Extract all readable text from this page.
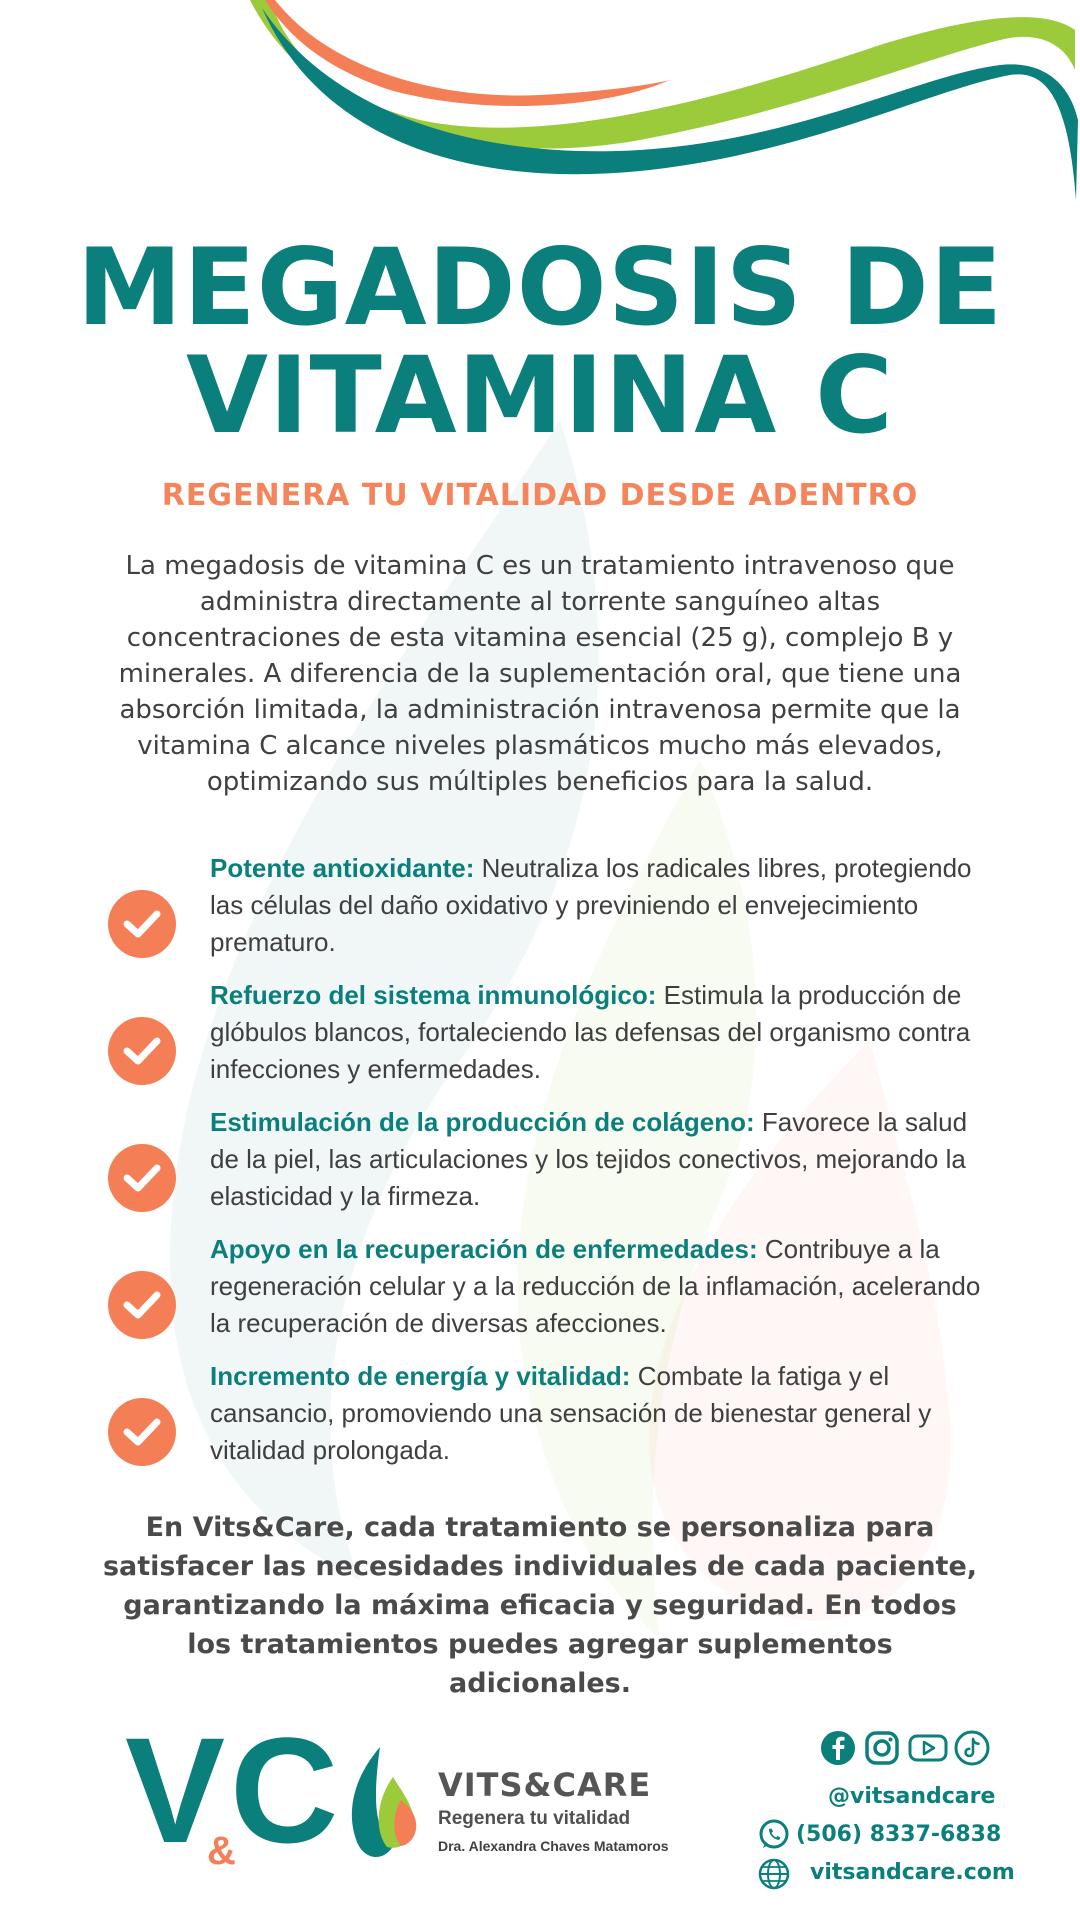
MEGADOSIS DE
VITAMINA C
REGENERA TU VITALIDAD DESDE ADENTRO
La megadosis de vitamina C es un tratamiento intravenoso que administra directamente al torrente sanguíneo altas concentraciones de esta vitamina esencial (25 g), complejo B y minerales. A diferencia de la suplementación oral, que tiene una absorción limitada, la administración intravenosa permite que la vitamina C alcance niveles plasmáticos mucho más elevados, optimizando sus múltiples beneficios para la salud.
Potente antioxidante: Neutraliza los radicales libres, protegiendo las células del daño oxidativo y previniendo el envejecimiento prematuro.
Refuerzo del sistema inmunológico: Estimula la producción de glóbulos blancos, fortaleciendo las defensas del organismo contra infecciones y enfermedades.
Estimulación de la producción de colágeno: Favorece la salud de la piel, las articulaciones y los tejidos conectivos, mejorando la elasticidad y la firmeza.
Apoyo en la recuperación de enfermedades: Contribuye a la regeneración celular y a la reducción de la inflamación, acelerando la recuperación de diversas afecciones.
Incremento de energía y vitalidad: Combate la fatiga y el cansancio, promoviendo una sensación de bienestar general y vitalidad prolongada.
En Vits&Care, cada tratamiento se personaliza para satisfacer las necesidades individuales de cada paciente, garantizando la máxima eficacia y seguridad. En todos los tratamientos puedes agregar suplementos adicionales.
V &
C	VITS&CARE
Regenera tu vitalidad
Dra. Alexandra Chaves Matamoros
@vitsandcare
(506) 8337-6838
vitsandcare.com
